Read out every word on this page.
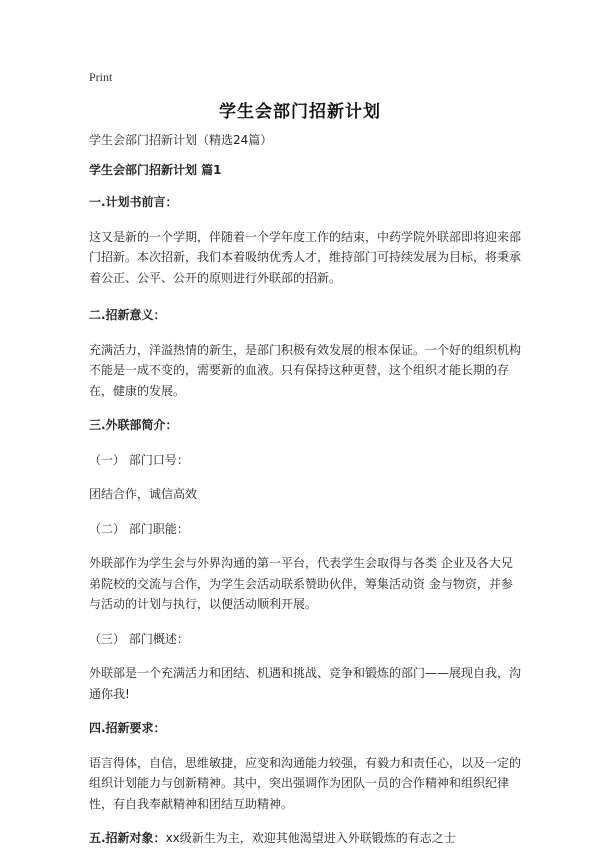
Print
学生会部门招新计划

学生会部门招新计划（精选24篇）

学生会部门招新计划 篇1

一.计划书前言：

这又是新的一个学期，伴随着一个学年度工作的结束，中药学院外联部即将迎来部门招新。本次招新，我们本着吸纳优秀人才，维持部门可持续发展为目标，将秉承着公正、公平、公开的原则进行外联部的招新。

二.招新意义：

充满活力，洋溢热情的新生，是部门积极有效发展的根本保证。一个好的组织机构不能是一成不变的，需要新的血液。只有保持这种更替，这个组织才能长期的存在，健康的发展。

三.外联部简介：

（一） 部门口号：

团结合作，诚信高效

（二） 部门职能：

外联部作为学生会与外界沟通的第一平台，代表学生会取得与各类 企业及各大兄弟院校的交流与合作，为学生会活动联系赞助伙伴，筹集活动资 金与物资，并参与活动的计划与执行，以便活动顺利开展。

（三） 部门概述：

外联部是一个充满活力和团结、机遇和挑战、竞争和锻炼的部门——展现自我，沟通你我!

四.招新要求：

语言得体，自信，思维敏捷，应变和沟通能力较强，有毅力和责任心，以及一定的组织计划能力与创新精神。其中，突出强调作为团队一员的合作精神和组织纪律性，有自我奉献精神和团结互助精神。

五.招新对象：xx级新生为主，欢迎其他渴望进入外联锻炼的有志之士
